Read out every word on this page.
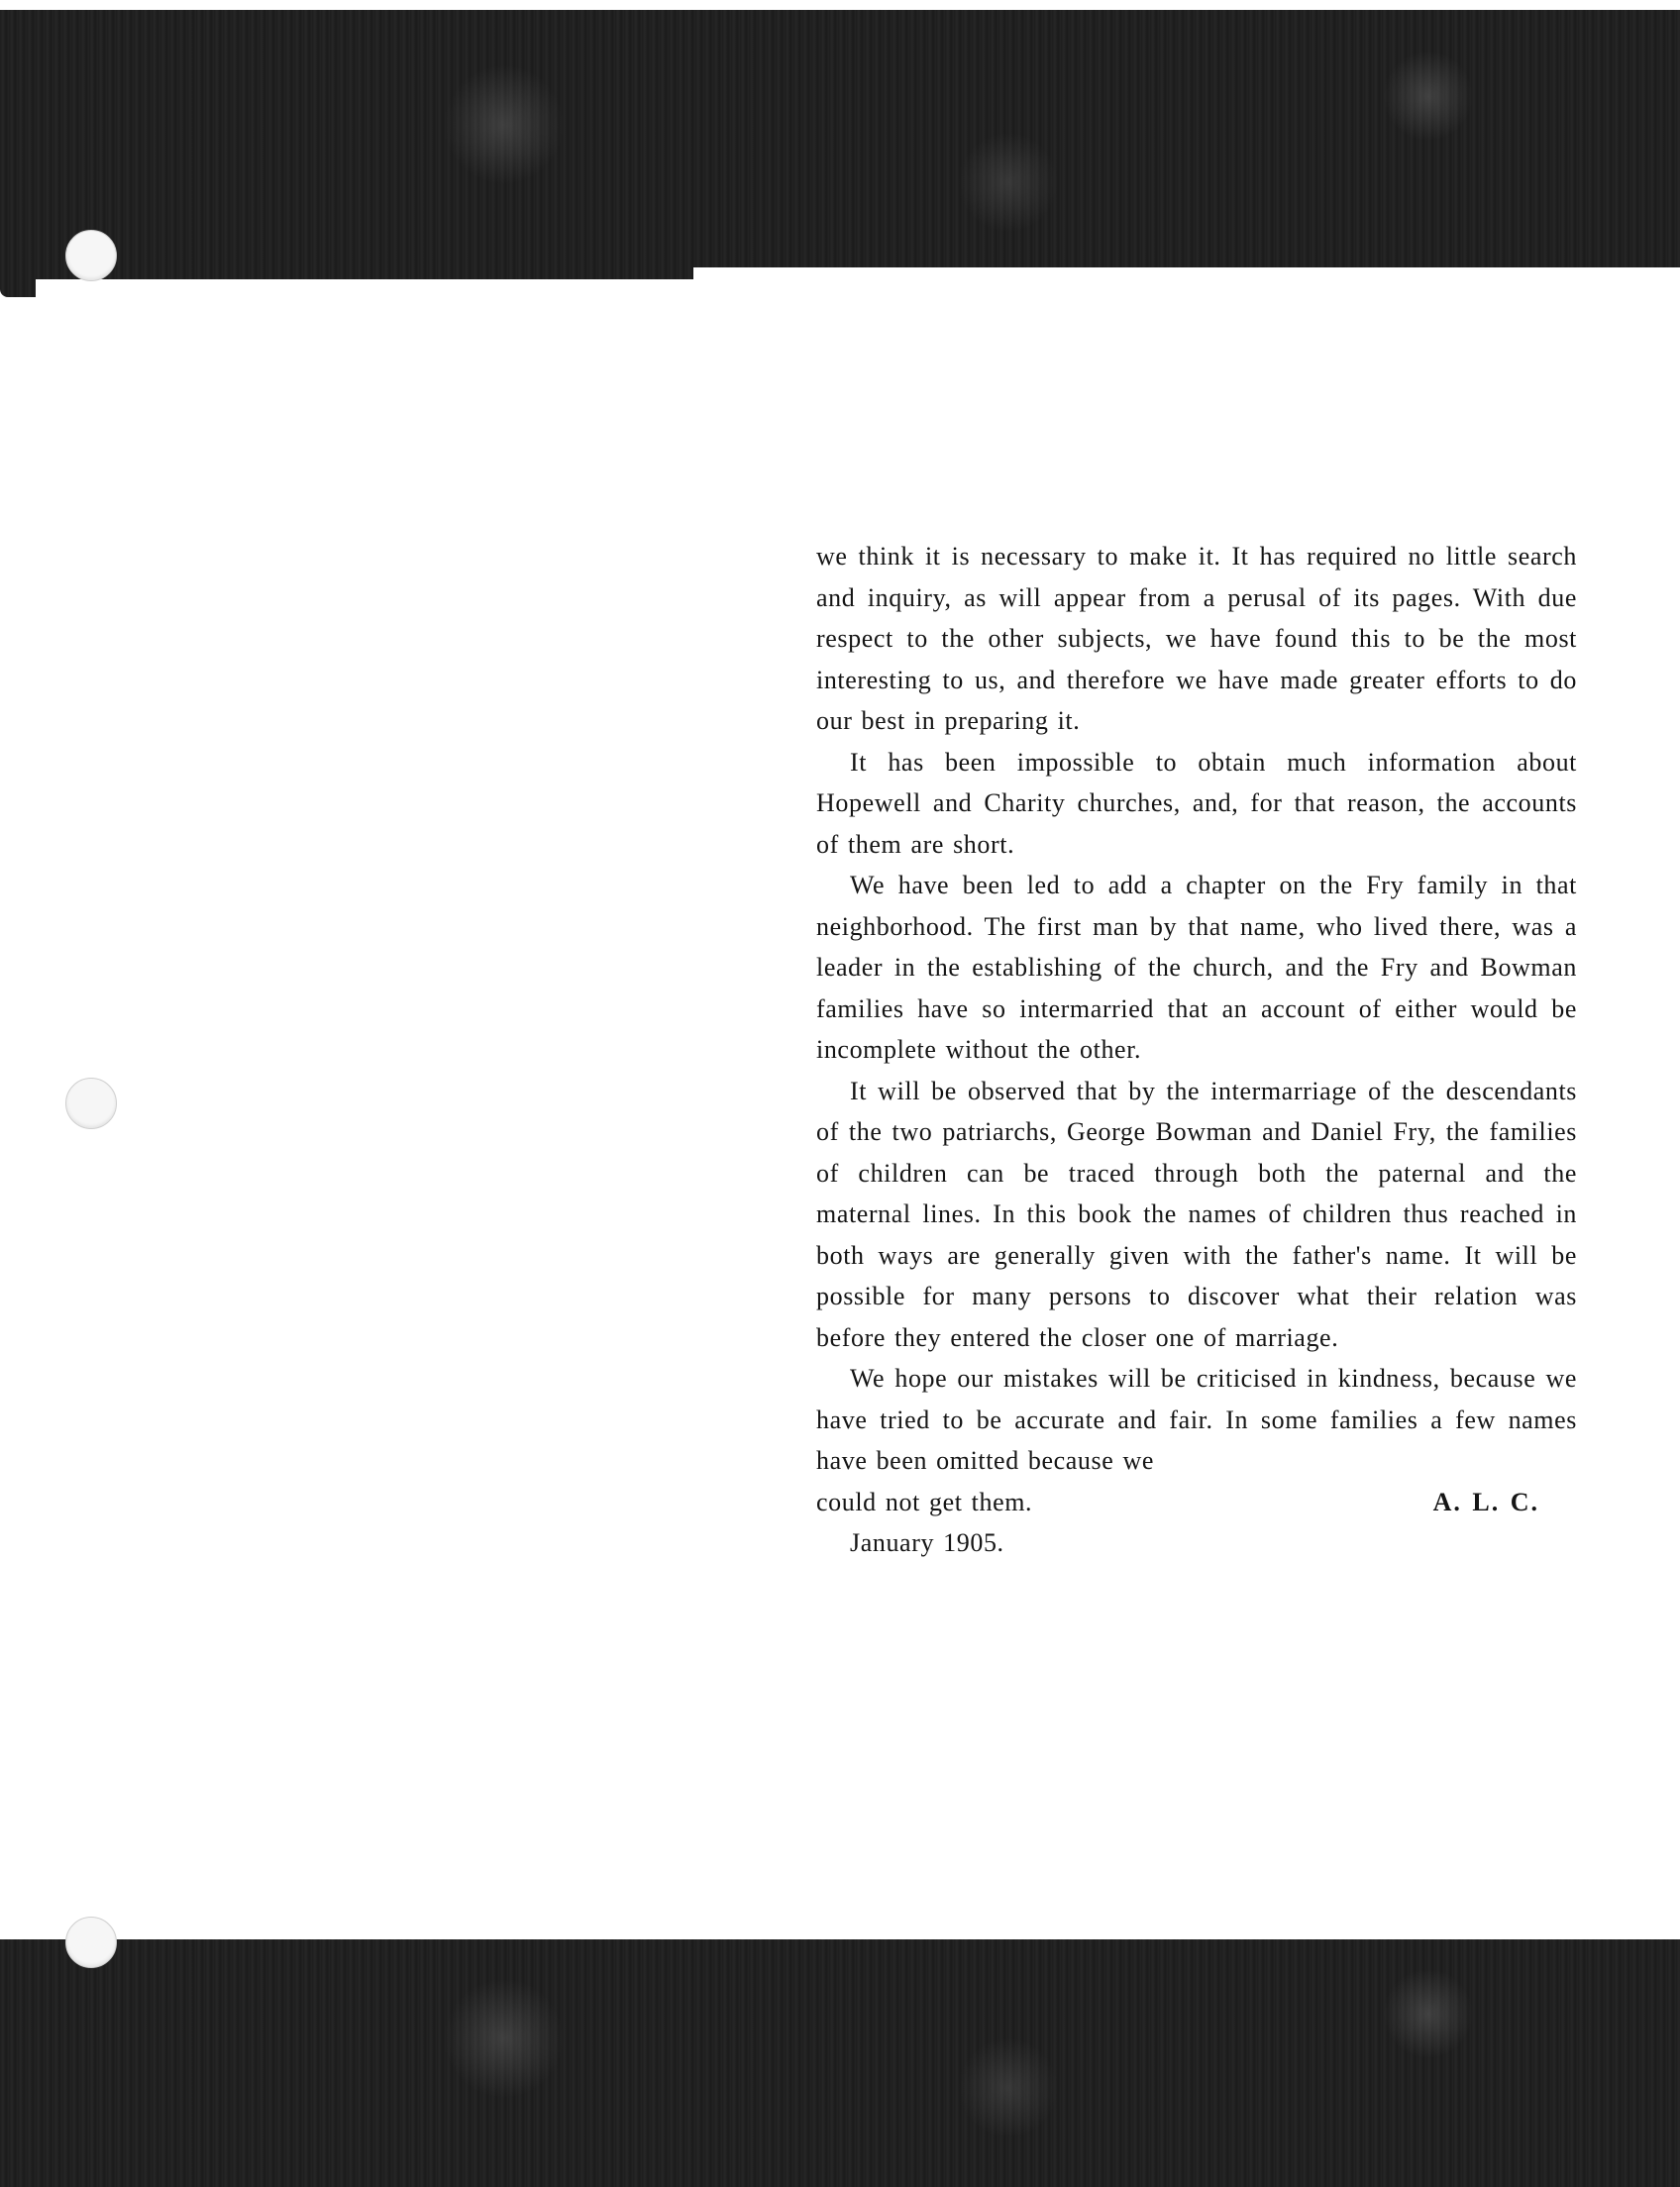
we think it is necessary to make it. It has required no little search and inquiry, as will appear from a perusal of its pages. With due respect to the other subjects, we have found this to be the most interesting to us, and therefore we have made greater efforts to do our best in preparing it.

It has been impossible to obtain much information about Hopewell and Charity churches, and, for that reason, the accounts of them are short.

We have been led to add a chapter on the Fry family in that neighborhood. The first man by that name, who lived there, was a leader in the establishing of the church, and the Fry and Bowman families have so intermarried that an account of either would be incomplete without the other.

It will be observed that by the intermarriage of the descendants of the two patriarchs, George Bowman and Daniel Fry, the families of children can be traced through both the paternal and the maternal lines. In this book the names of children thus reached in both ways are generally given with the father's name. It will be possible for many persons to discover what their relation was before they entered the closer one of marriage.

We hope our mistakes will be criticised in kindness, because we have tried to be accurate and fair. In some families a few names have been omitted because we

could not get them.	A. L. C.

January 1905.
